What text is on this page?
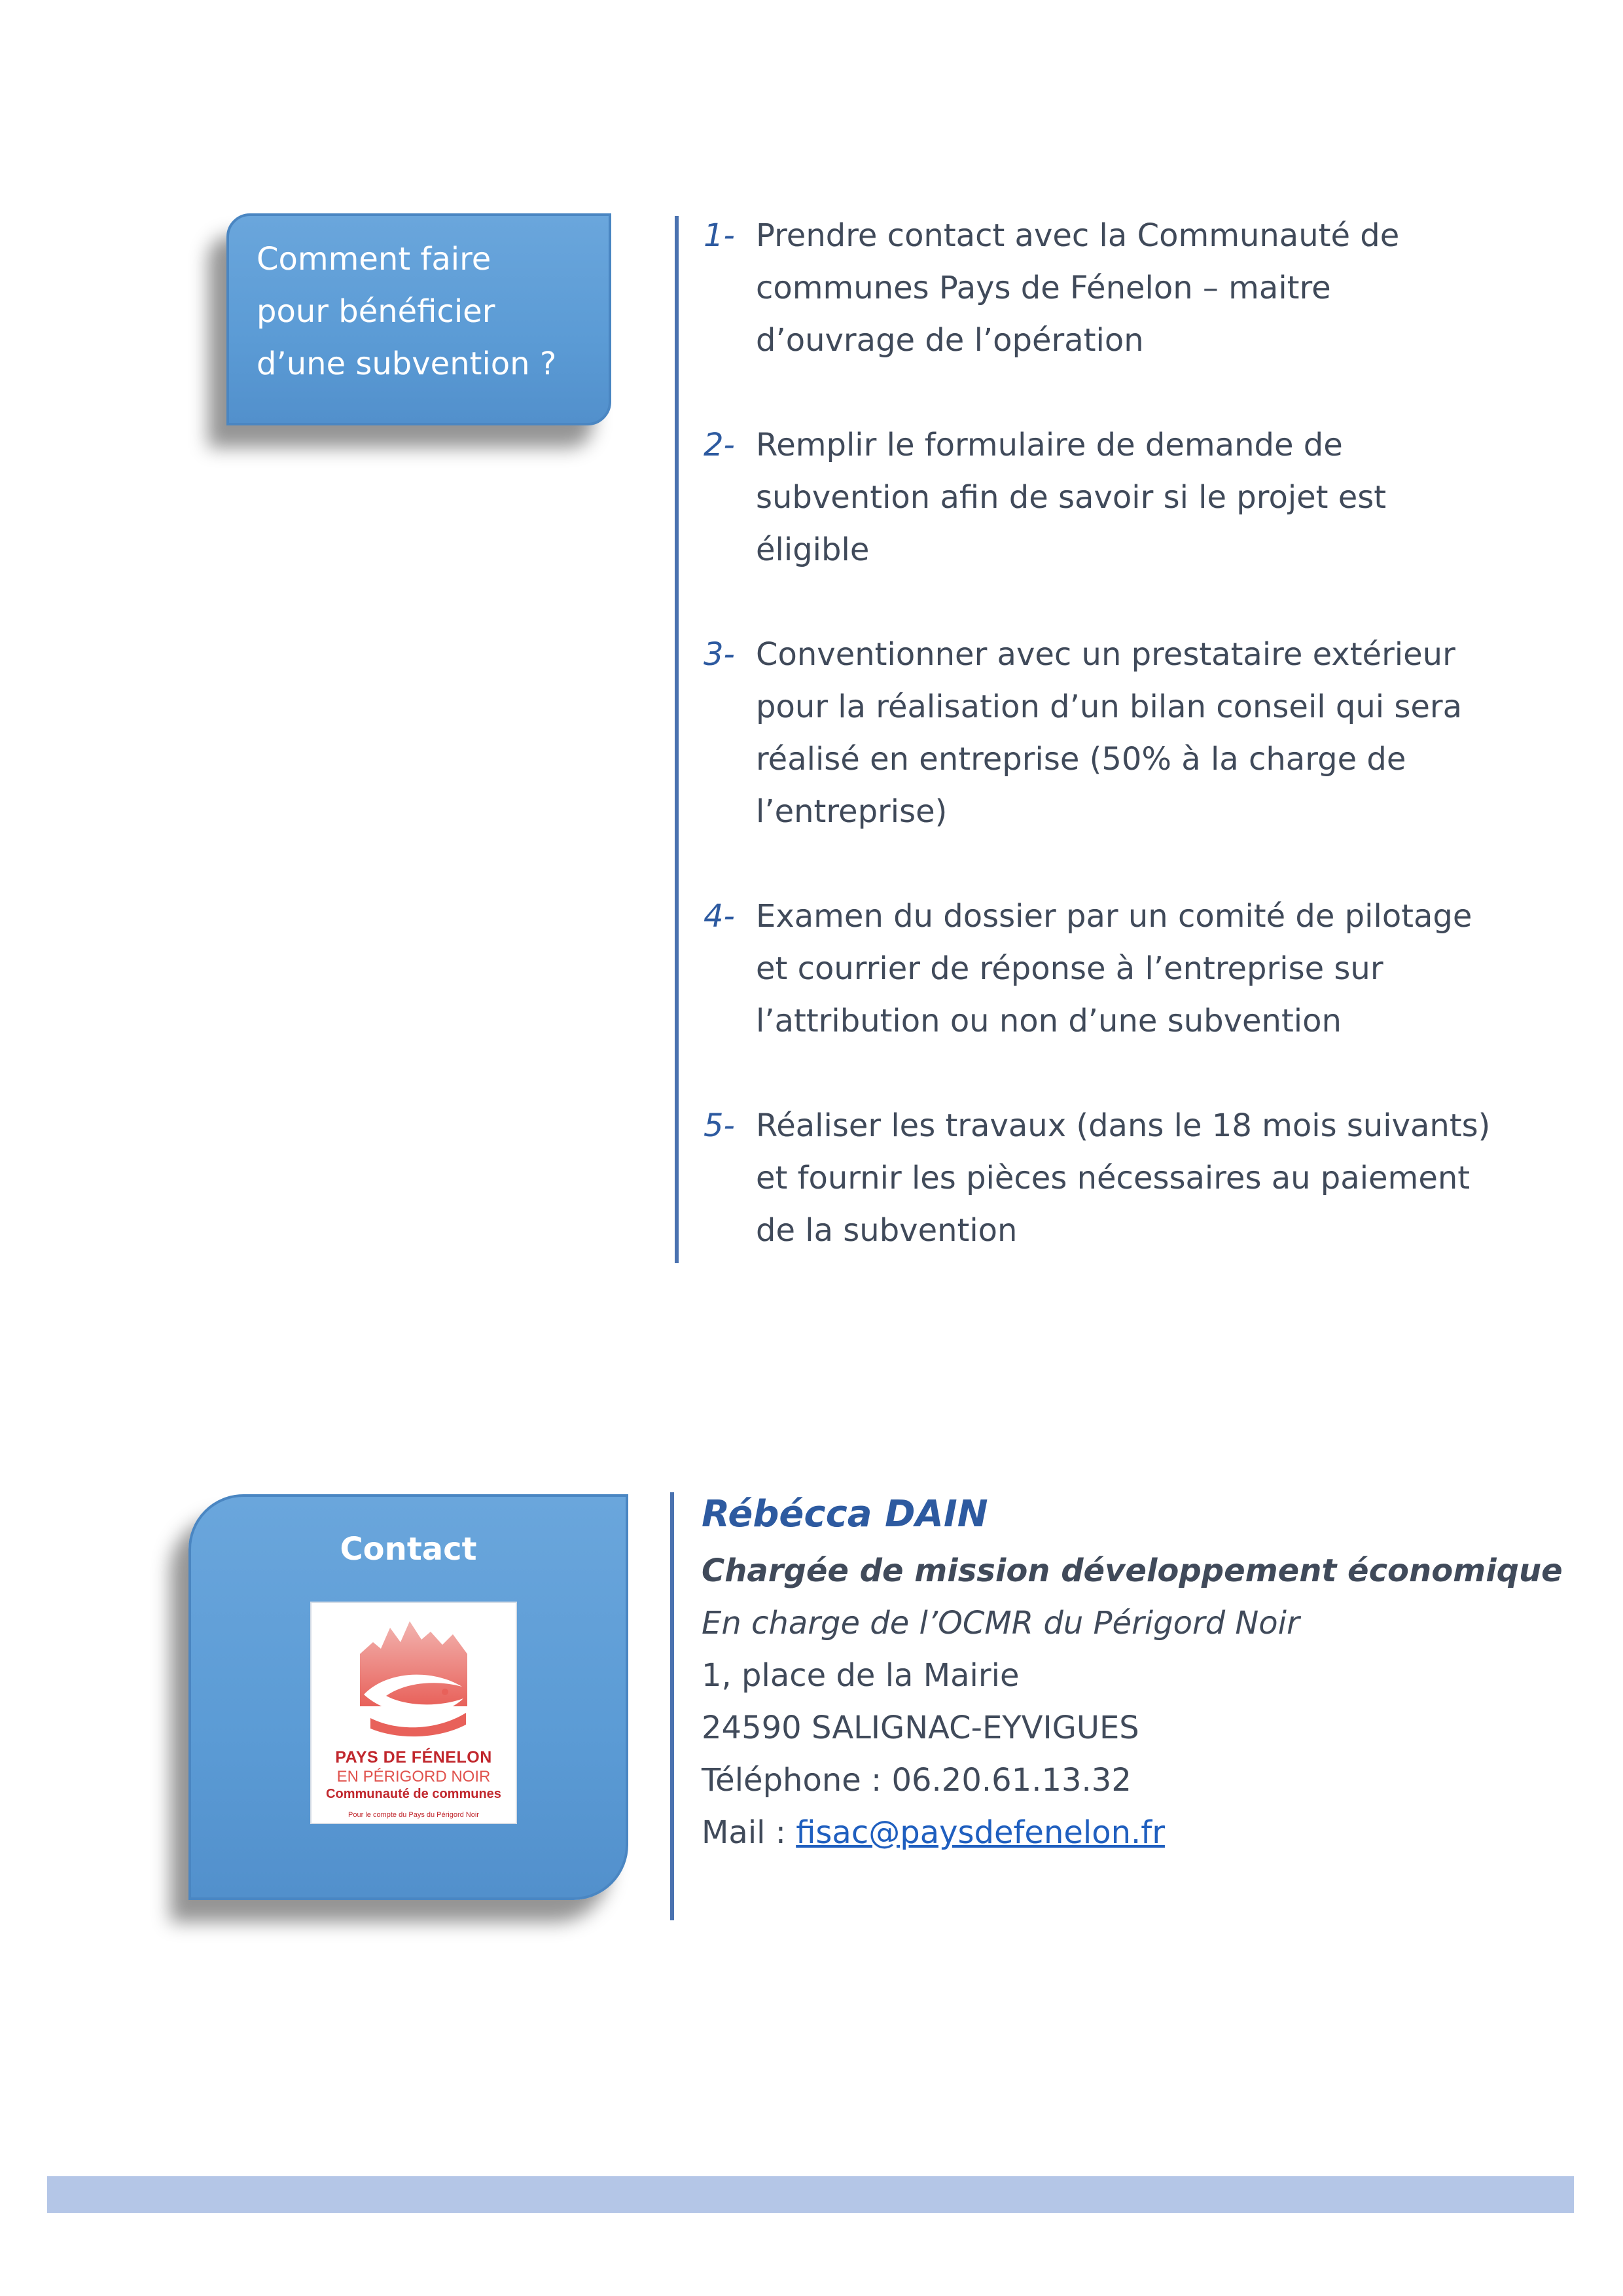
Comment faire
pour bénéficier
d’une subvention ?
1- Prendre contact avec la Communauté de
communes Pays de Fénelon – maitre
d’ouvrage de l’opération
2- Remplir le formulaire de demande de
subvention afin de savoir si le projet est
éligible
3- Conventionner avec un prestataire extérieur
pour la réalisation d’un bilan conseil qui sera
réalisé en entreprise (50% à la charge de
l’entreprise)
4- Examen du dossier par un comité de pilotage
et courrier de réponse à l’entreprise sur
l’attribution ou non d’une subvention
5- Réaliser les travaux (dans le 18 mois suivants)
et fournir les pièces nécessaires au paiement
de la subvention
Contact
PAYS DE FÉNELON
EN PÉRIGORD NOIR
Communauté de communes
Pour le compte du Pays du Périgord Noir
Rébécca DAIN
Chargée de mission développement économique
En charge de l’OCMR du Périgord Noir
1, place de la Mairie
24590 SALIGNAC-EYVIGUES
Téléphone : 06.20.61.13.32
Mail : fisac@paysdefenelon.fr
